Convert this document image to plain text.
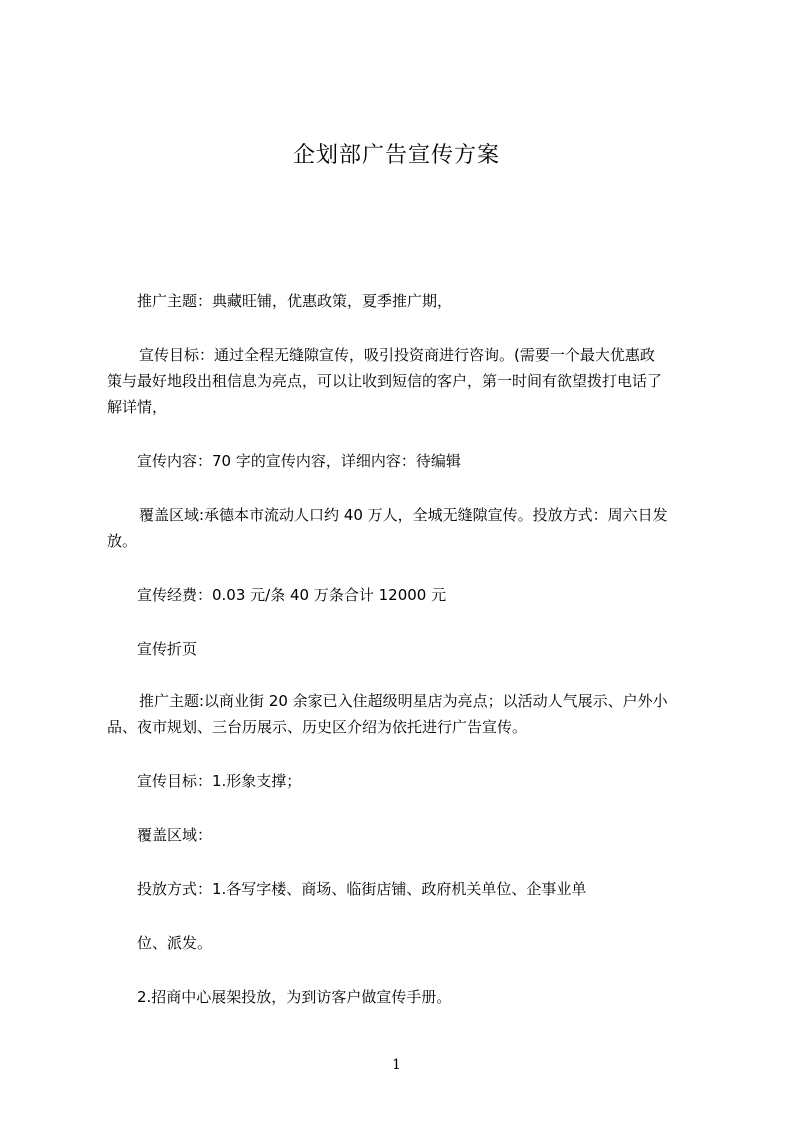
企划部广告宣传方案
推广主题：典藏旺铺，优惠政策，夏季推广期，
宣传目标：通过全程无缝隙宣传，吸引投资商进行咨询。(需要一个最大优惠政
策与最好地段出租信息为亮点，可以让收到短信的客户，第一时间有欲望拨打电话了
解详情，
宣传内容：70 字的宣传内容，详细内容：待编辑
覆盖区域:承德本市流动人口约 40 万人，全城无缝隙宣传。投放方式：周六日发
放。
宣传经费：0.03 元/条 40 万条合计 12000 元
宣传折页
推广主题:以商业街 20 余家已入住超级明星店为亮点；以活动人气展示、户外小
品、夜市规划、三台历展示、历史区介绍为依托进行广告宣传。
宣传目标：1.形象支撑；
覆盖区域：
投放方式：1.各写字楼、商场、临街店铺、政府机关单位、企事业单
位、派发。
2.招商中心展架投放，为到访客户做宣传手册。
1
